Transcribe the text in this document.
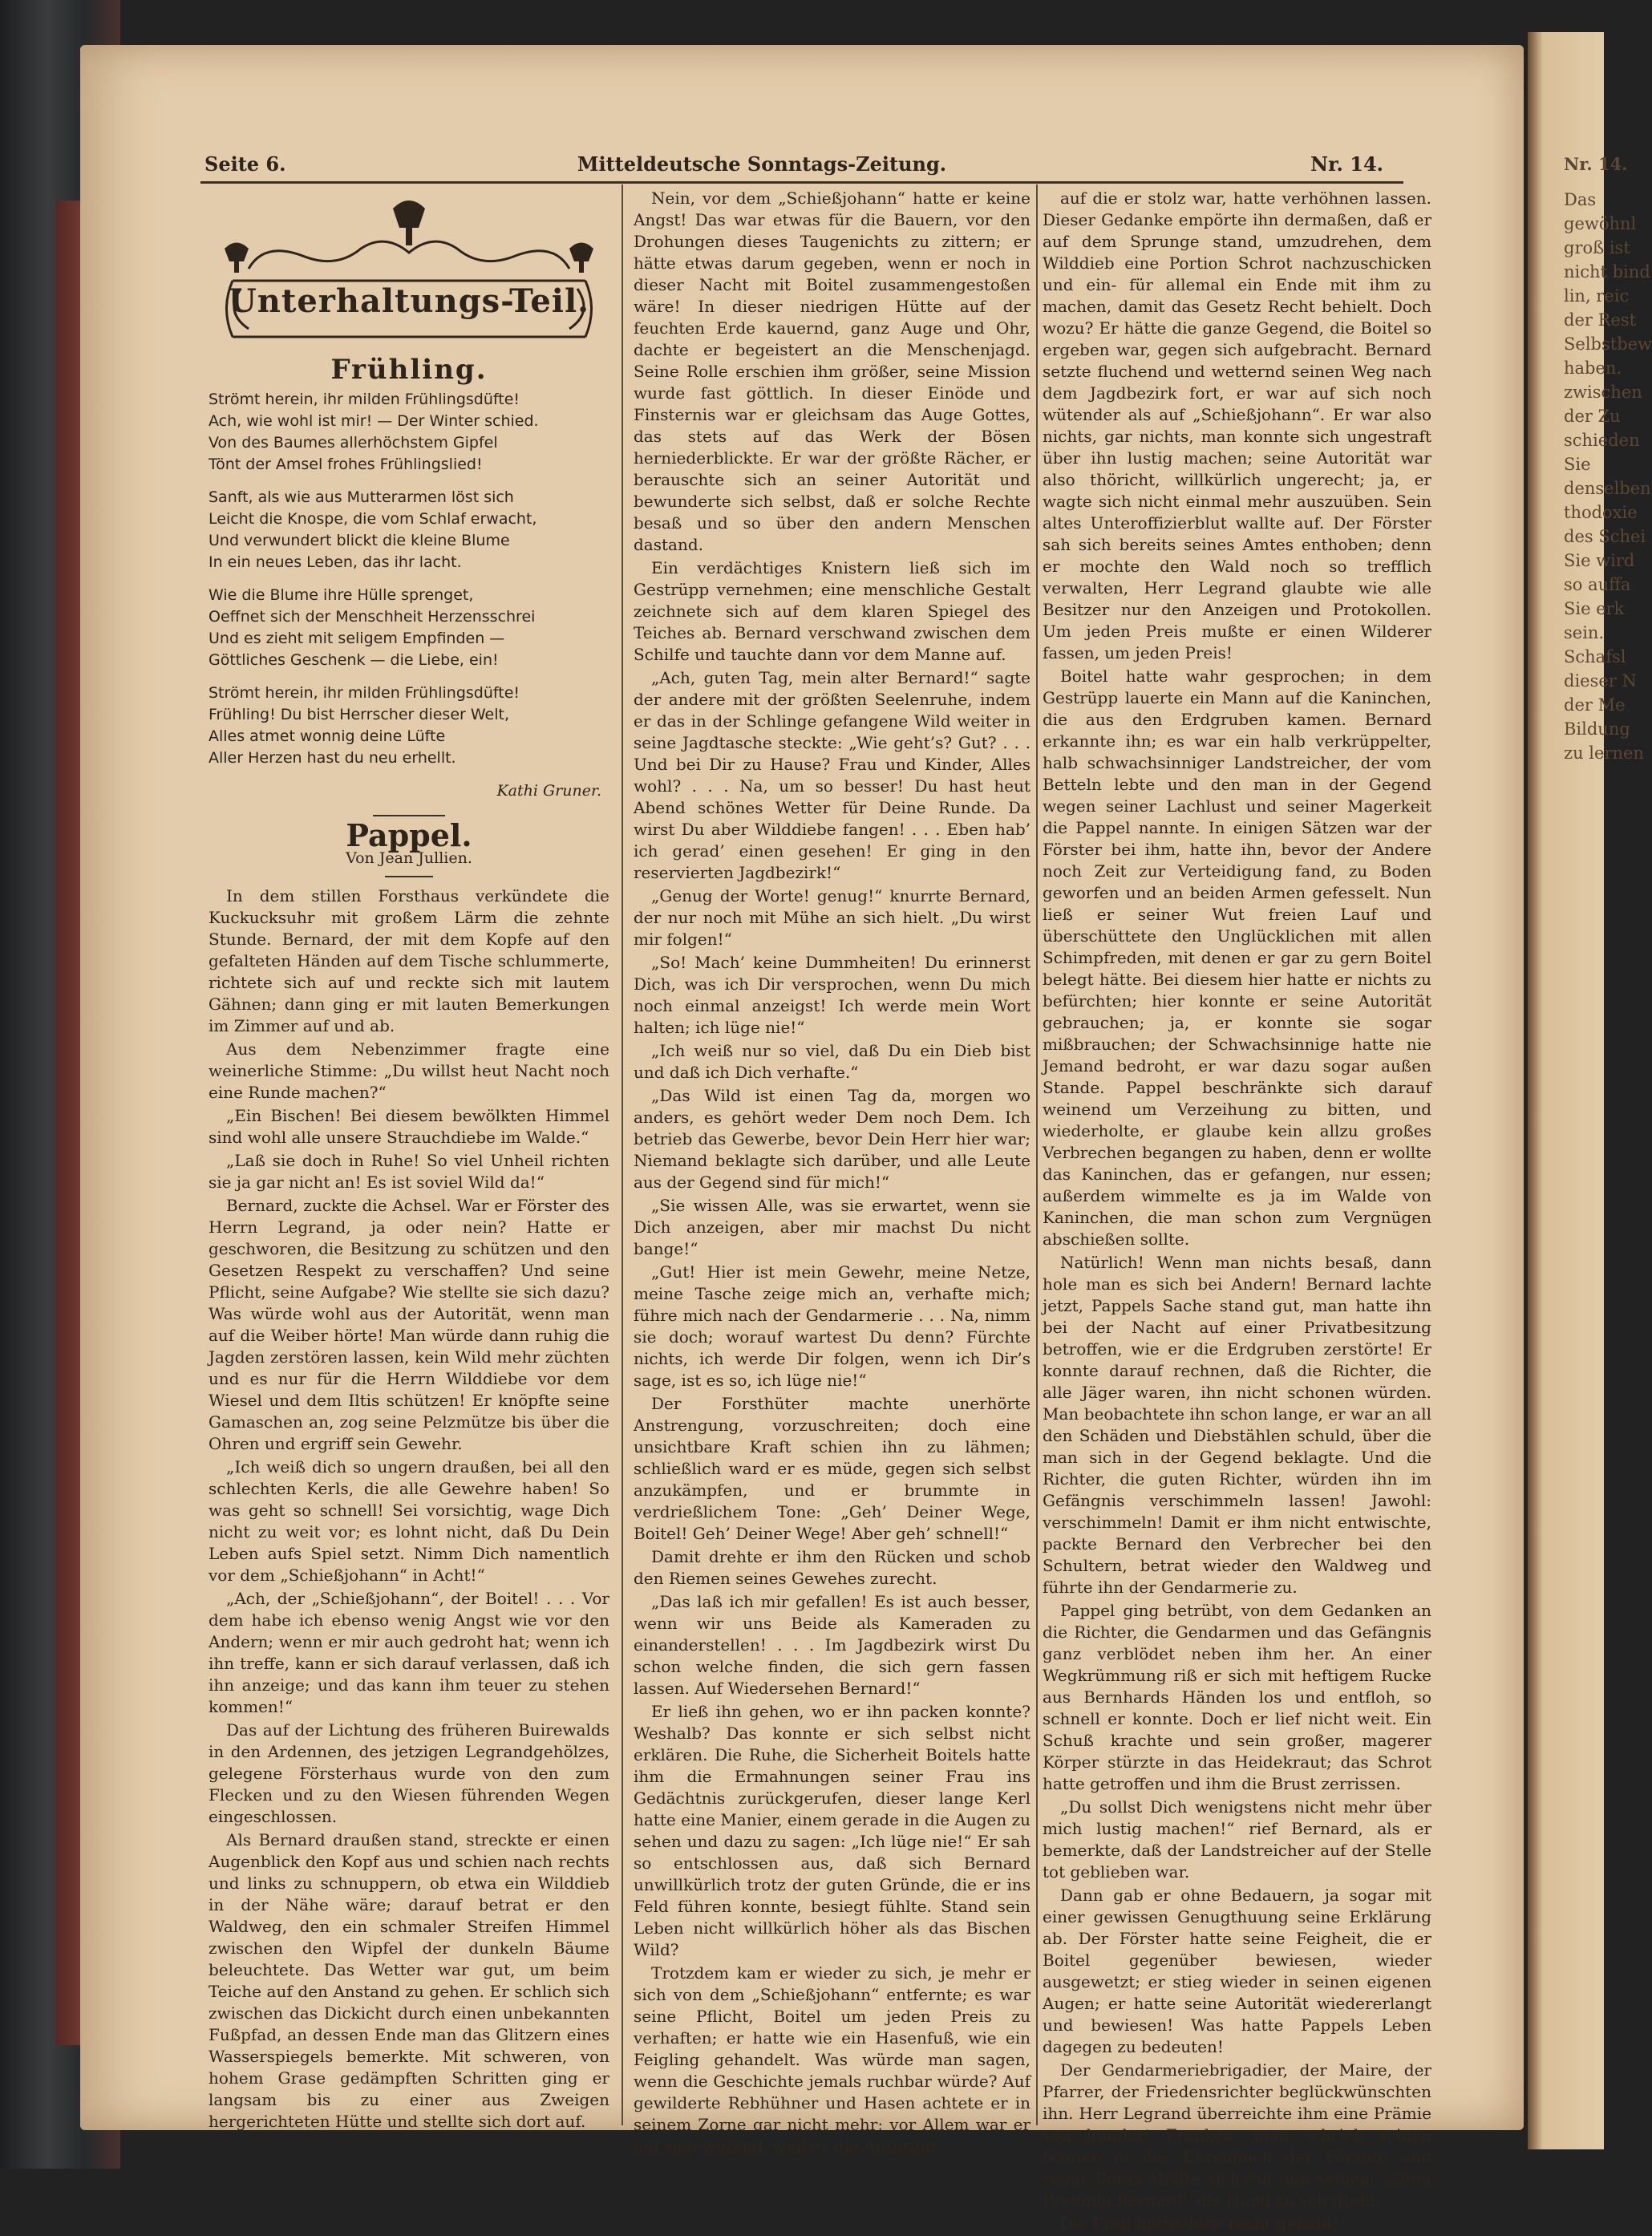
Nr. 14.
Das
gewöhnl
groß ist
nicht bind
lin, reic
der Rest
Selbstbew
haben.
zwischen
der Zu
schieden
Sie
denselben
thodoxie
des Schei
Sie wird
so auffa
Sie erk
sein.
Schafsl
dieser N
der Me
Bildung
zu lernen
Seite 6.	Mitteldeutsche Sonntags-Zeitung.	Nr. 14.
Unterhaltungs-Teil.
Frühling.
Strömt herein, ihr milden Frühlingsdüfte!
Ach, wie wohl ist mir! — Der Winter schied.
Von des Baumes allerhöchstem Gipfel
Tönt der Amsel frohes Frühlingslied!
Sanft, als wie aus Mutterarmen löst sich
Leicht die Knospe, die vom Schlaf erwacht,
Und verwundert blickt die kleine Blume
In ein neues Leben, das ihr lacht.
Wie die Blume ihre Hülle sprenget,
Oeffnet sich der Menschheit Herzensschrei
Und es zieht mit seligem Empfinden —
Göttliches Geschenk — die Liebe, ein!
Strömt herein, ihr milden Frühlingsdüfte!
Frühling! Du bist Herrscher dieser Welt,
Alles atmet wonnig deine Lüfte
Aller Herzen hast du neu erhellt.
Kathi Gruner.
Pappel.
Von Jean Jullien.

In dem stillen Forsthaus verkündete die Kuckucksuhr mit großem Lärm die zehnte Stunde. Bernard, der mit dem Kopfe auf den gefalteten Händen auf dem Tische schlummerte, richtete sich auf und reckte sich mit lautem Gähnen; dann ging er mit lauten Bemerkungen im Zimmer auf und ab.

Aus dem Nebenzimmer fragte eine weinerliche Stimme: „Du willst heut Nacht noch eine Runde machen?“

„Ein Bischen! Bei diesem bewölkten Himmel sind wohl alle unsere Strauchdiebe im Walde.“

„Laß sie doch in Ruhe! So viel Unheil richten sie ja gar nicht an! Es ist soviel Wild da!“

Bernard, zuckte die Achsel. War er Förster des Herrn Legrand, ja oder nein? Hatte er geschworen, die Besitzung zu schützen und den Gesetzen Respekt zu verschaffen? Und seine Pflicht, seine Aufgabe? Wie stellte sie sich dazu? Was würde wohl aus der Autorität, wenn man auf die Weiber hörte! Man würde dann ruhig die Jagden zerstören lassen, kein Wild mehr züchten und es nur für die Herrn Wilddiebe vor dem Wiesel und dem Iltis schützen! Er knöpfte seine Gamaschen an, zog seine Pelzmütze bis über die Ohren und ergriff sein Gewehr.

„Ich weiß dich so ungern draußen, bei all den schlechten Kerls, die alle Gewehre haben! So was geht so schnell! Sei vorsichtig, wage Dich nicht zu weit vor; es lohnt nicht, daß Du Dein Leben aufs Spiel setzt. Nimm Dich namentlich vor dem „Schießjohann“ in Acht!“

„Ach, der „Schießjohann“, der Boitel! . . . Vor dem habe ich ebenso wenig Angst wie vor den Andern; wenn er mir auch gedroht hat; wenn ich ihn treffe, kann er sich darauf verlassen, daß ich ihn anzeige; und das kann ihm teuer zu stehen kommen!“

Das auf der Lichtung des früheren Buirewalds in den Ardennen, des jetzigen Legrandgehölzes, gelegene Försterhaus wurde von den zum Flecken und zu den Wiesen führenden Wegen eingeschlossen.

Als Bernard draußen stand, streckte er einen Augenblick den Kopf aus und schien nach rechts und links zu schnuppern, ob etwa ein Wilddieb in der Nähe wäre; darauf betrat er den Waldweg, den ein schmaler Streifen Himmel zwischen den Wipfel der dunkeln Bäume beleuchtete. Das Wetter war gut, um beim Teiche auf den Anstand zu gehen. Er schlich sich zwischen das Dickicht durch einen unbekannten Fußpfad, an dessen Ende man das Glitzern eines Wasserspiegels bemerkte. Mit schweren, von hohem Grase gedämpften Schritten ging er langsam bis zu einer aus Zweigen hergerichteten Hütte und stellte sich dort auf.

Nein, vor dem „Schießjohann“ hatte er keine Angst! Das war etwas für die Bauern, vor den Drohungen dieses Taugenichts zu zittern; er hätte etwas darum gegeben, wenn er noch in dieser Nacht mit Boitel zusammengestoßen wäre! In dieser niedrigen Hütte auf der feuchten Erde kauernd, ganz Auge und Ohr, dachte er begeistert an die Menschenjagd. Seine Rolle erschien ihm größer, seine Mission wurde fast göttlich. In dieser Einöde und Finsternis war er gleichsam das Auge Gottes, das stets auf das Werk der Bösen herniederblickte. Er war der größte Rächer, er berauschte sich an seiner Autorität und bewunderte sich selbst, daß er solche Rechte besaß und so über den andern Menschen dastand.

Ein verdächtiges Knistern ließ sich im Gestrüpp vernehmen; eine menschliche Gestalt zeichnete sich auf dem klaren Spiegel des Teiches ab. Bernard verschwand zwischen dem Schilfe und tauchte dann vor dem Manne auf.

„Ach, guten Tag, mein alter Bernard!“ sagte der andere mit der größten Seelenruhe, indem er das in der Schlinge gefangene Wild weiter in seine Jagdtasche steckte: „Wie geht’s? Gut? . . . Und bei Dir zu Hause? Frau und Kinder, Alles wohl? . . . Na, um so besser! Du hast heut Abend schönes Wetter für Deine Runde. Da wirst Du aber Wilddiebe fangen! . . . Eben hab’ ich gerad’ einen gesehen! Er ging in den reservierten Jagdbezirk!“

„Genug der Worte! genug!“ knurrte Bernard, der nur noch mit Mühe an sich hielt. „Du wirst mir folgen!“

„So! Mach’ keine Dummheiten! Du erinnerst Dich, was ich Dir versprochen, wenn Du mich noch einmal anzeigst! Ich werde mein Wort halten; ich lüge nie!“

„Ich weiß nur so viel, daß Du ein Dieb bist und daß ich Dich verhafte.“

„Das Wild ist einen Tag da, morgen wo anders, es gehört weder Dem noch Dem. Ich betrieb das Gewerbe, bevor Dein Herr hier war; Niemand beklagte sich darüber, und alle Leute aus der Gegend sind für mich!“

„Sie wissen Alle, was sie erwartet, wenn sie Dich anzeigen, aber mir machst Du nicht bange!“

„Gut! Hier ist mein Gewehr, meine Netze, meine Tasche zeige mich an, verhafte mich; führe mich nach der Gendarmerie . . . Na, nimm sie doch; worauf wartest Du denn? Fürchte nichts, ich werde Dir folgen, wenn ich Dir’s sage, ist es so, ich lüge nie!“

Der Forsthüter machte unerhörte Anstrengung, vorzuschreiten; doch eine unsichtbare Kraft schien ihn zu lähmen; schließlich ward er es müde, gegen sich selbst anzukämpfen, und er brummte in verdrießlichem Tone: „Geh’ Deiner Wege, Boitel! Geh’ Deiner Wege! Aber geh’ schnell!“

Damit drehte er ihm den Rücken und schob den Riemen seines Gewehes zurecht.

„Das laß ich mir gefallen! Es ist auch besser, wenn wir uns Beide als Kameraden zu einanderstellen! . . . Im Jagdbezirk wirst Du schon welche finden, die sich gern fassen lassen. Auf Wiedersehen Bernard!“

Er ließ ihn gehen, wo er ihn packen konnte? Weshalb? Das konnte er sich selbst nicht erklären. Die Ruhe, die Sicherheit Boitels hatte ihm die Ermahnungen seiner Frau ins Gedächtnis zurückgerufen, dieser lange Kerl hatte eine Manier, einem gerade in die Augen zu sehen und dazu zu sagen: „Ich lüge nie!“ Er sah so entschlossen aus, daß sich Bernard unwillkürlich trotz der guten Gründe, die er ins Feld führen konnte, besiegt fühlte. Stand sein Leben nicht willkürlich höher als das Bischen Wild?

Trotzdem kam er wieder zu sich, je mehr er sich von dem „Schießjohann“ entfernte; es war seine Pflicht, Boitel um jeden Preis zu verhaften; er hatte wie ein Hasenfuß, wie ein Feigling gehandelt. Was würde man sagen, wenn die Geschichte jemals ruchbar würde? Auf gewilderte Rebhühner und Hasen achtete er in seinem Zorne gar nicht mehr; vor Allem war er auf sich wütend, weil er die Autorität,

auf die er stolz war, hatte verhöhnen lassen. Dieser Gedanke empörte ihn dermaßen, daß er auf dem Sprunge stand, umzudrehen, dem Wilddieb eine Portion Schrot nachzuschicken und ein- für allemal ein Ende mit ihm zu machen, damit das Gesetz Recht behielt. Doch wozu? Er hätte die ganze Gegend, die Boitel so ergeben war, gegen sich aufgebracht. Bernard setzte fluchend und wetternd seinen Weg nach dem Jagdbezirk fort, er war auf sich noch wütender als auf „Schießjohann“. Er war also nichts, gar nichts, man konnte sich ungestraft über ihn lustig machen; seine Autorität war also thöricht, willkürlich ungerecht; ja, er wagte sich nicht einmal mehr auszuüben. Sein altes Unteroffizierblut wallte auf. Der Förster sah sich bereits seines Amtes enthoben; denn er mochte den Wald noch so trefflich verwalten, Herr Legrand glaubte wie alle Besitzer nur den Anzeigen und Protokollen. Um jeden Preis mußte er einen Wilderer fassen, um jeden Preis!

Boitel hatte wahr gesprochen; in dem Gestrüpp lauerte ein Mann auf die Kaninchen, die aus den Erdgruben kamen. Bernard erkannte ihn; es war ein halb verkrüppelter, halb schwachsinniger Landstreicher, der vom Betteln lebte und den man in der Gegend wegen seiner Lachlust und seiner Magerkeit die Pappel nannte. In einigen Sätzen war der Förster bei ihm, hatte ihn, bevor der Andere noch Zeit zur Verteidigung fand, zu Boden geworfen und an beiden Armen gefesselt. Nun ließ er seiner Wut freien Lauf und überschüttete den Unglücklichen mit allen Schimpfreden, mit denen er gar zu gern Boitel belegt hätte. Bei diesem hier hatte er nichts zu befürchten; hier konnte er seine Autorität gebrauchen; ja, er konnte sie sogar mißbrauchen; der Schwachsinnige hatte nie Jemand bedroht, er war dazu sogar außen Stande. Pappel beschränkte sich darauf weinend um Verzeihung zu bitten, und wiederholte, er glaube kein allzu großes Verbrechen begangen zu haben, denn er wollte das Kaninchen, das er gefangen, nur essen; außerdem wimmelte es ja im Walde von Kaninchen, die man schon zum Vergnügen abschießen sollte.

Natürlich! Wenn man nichts besaß, dann hole man es sich bei Andern! Bernard lachte jetzt, Pappels Sache stand gut, man hatte ihn bei der Nacht auf einer Privatbesitzung betroffen, wie er die Erdgruben zerstörte! Er konnte darauf rechnen, daß die Richter, die alle Jäger waren, ihn nicht schonen würden. Man beobachtete ihn schon lange, er war an all den Schäden und Diebstählen schuld, über die man sich in der Gegend beklagte. Und die Richter, die guten Richter, würden ihn im Gefängnis verschimmeln lassen! Jawohl: verschimmeln! Damit er ihm nicht entwischte, packte Bernard den Verbrecher bei den Schultern, betrat wieder den Waldweg und führte ihn der Gendarmerie zu.

Pappel ging betrübt, von dem Gedanken an die Richter, die Gendarmen und das Gefängnis ganz verblödet neben ihm her. An einer Wegkrümmung riß er sich mit heftigem Rucke aus Bernhards Händen los und entfloh, so schnell er konnte. Doch er lief nicht weit. Ein Schuß krachte und sein großer, magerer Körper stürzte in das Heidekraut; das Schrot hatte getroffen und ihm die Brust zerrissen.

„Du sollst Dich wenigstens nicht mehr über mich lustig machen!“ rief Bernard, als er bemerkte, daß der Landstreicher auf der Stelle tot geblieben war.

Dann gab er ohne Bedauern, ja sogar mit einer gewissen Genugthuung seine Erklärung ab. Der Förster hatte seine Feigheit, die er Boitel gegenüber bewiesen, wieder ausgewetzt; er stieg wieder in seinen eigenen Augen; er hatte seine Autorität wiedererlangt und bewiesen! Was hatte Pappels Leben dagegen zu bedeuten!

Der Gendarmeriebrigadier, der Maire, der Pfarrer, der Friedensrichter beglückwünschten ihn. Herr Legrand überreichte ihm eine Prämie von hundert Franken; man schrieb seinen Namen in das Ehrenbuch der Förster, und sogar Boitel stellte sich ein, um seinem „alten Freunde Bernard“ die Hand zu schütteln.

Die Frau hatte doch recht gehabt!
